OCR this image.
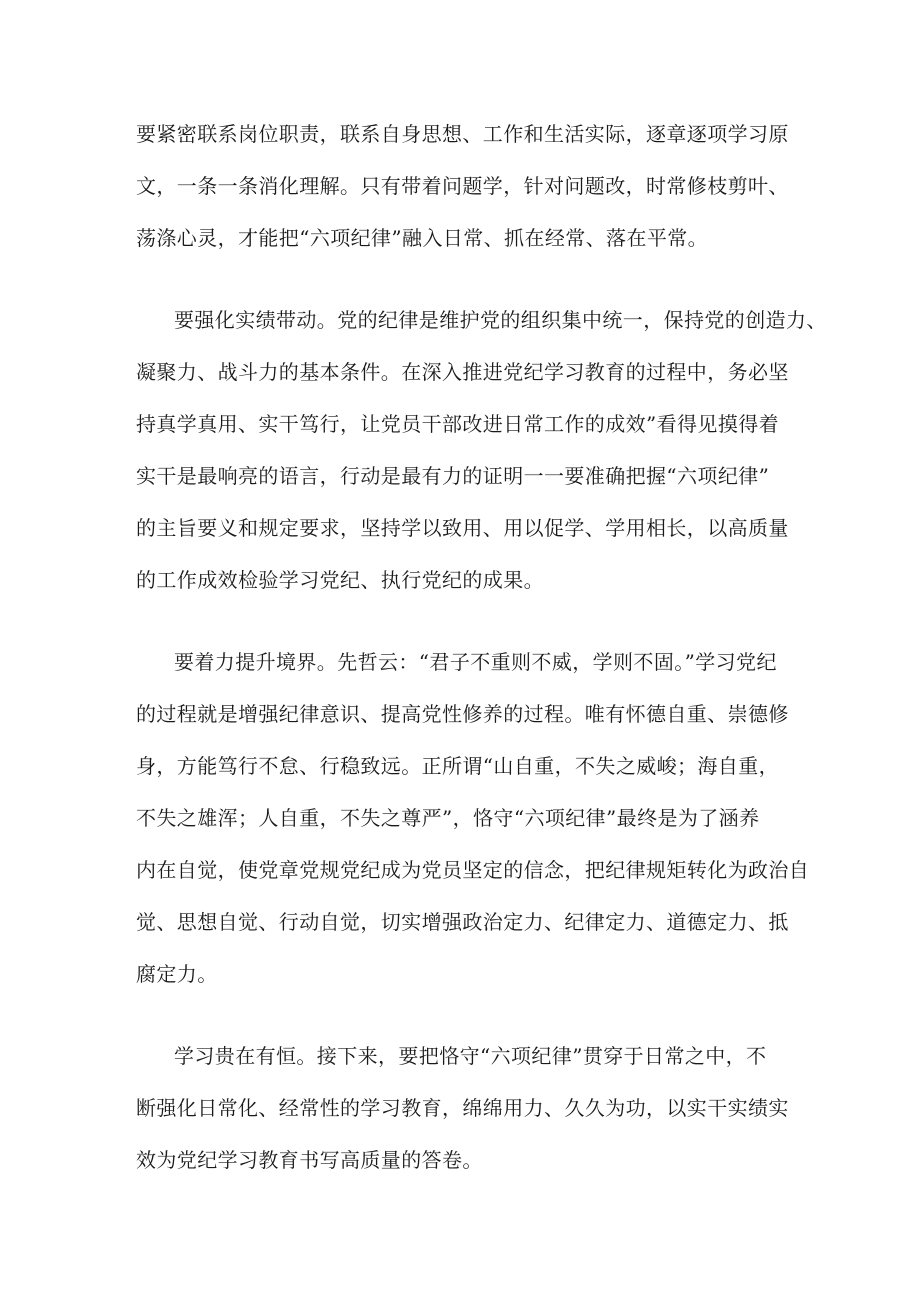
要紧密联系岗位职责，联系自身思想、工作和生活实际，逐章逐项学习原
文，一条一条消化理解。只有带着问题学，针对问题改，时常修枝剪叶、
荡涤心灵，才能把“六项纪律”融入日常、抓在经常、落在平常。
要强化实绩带动。党的纪律是维护党的组织集中统一，保持党的创造力、
凝聚力、战斗力的基本条件。在深入推进党纪学习教育的过程中，务必坚
持真学真用、实干笃行，让党员干部改进日常工作的成效”看得见摸得着
实干是最响亮的语言，行动是最有力的证明一一要准确把握“六项纪律”
的主旨要义和规定要求，坚持学以致用、用以促学、学用相长，以高质量
的工作成效检验学习党纪、执行党纪的成果。
要着力提升境界。先哲云：“君子不重则不威，学则不固。”学习党纪
的过程就是增强纪律意识、提高党性修养的过程。唯有怀德自重、崇德修
身，方能笃行不怠、行稳致远。正所谓“山自重，不失之威峻；海自重，
不失之雄浑；人自重，不失之尊严”，恪守“六项纪律”最终是为了涵养
内在自觉，使党章党规党纪成为党员坚定的信念，把纪律规矩转化为政治自
觉、思想自觉、行动自觉，切实增强政治定力、纪律定力、道德定力、抵
腐定力。
学习贵在有恒。接下来，要把恪守“六项纪律”贯穿于日常之中，不
断强化日常化、经常性的学习教育，绵绵用力、久久为功，以实干实绩实
效为党纪学习教育书写高质量的答卷。
